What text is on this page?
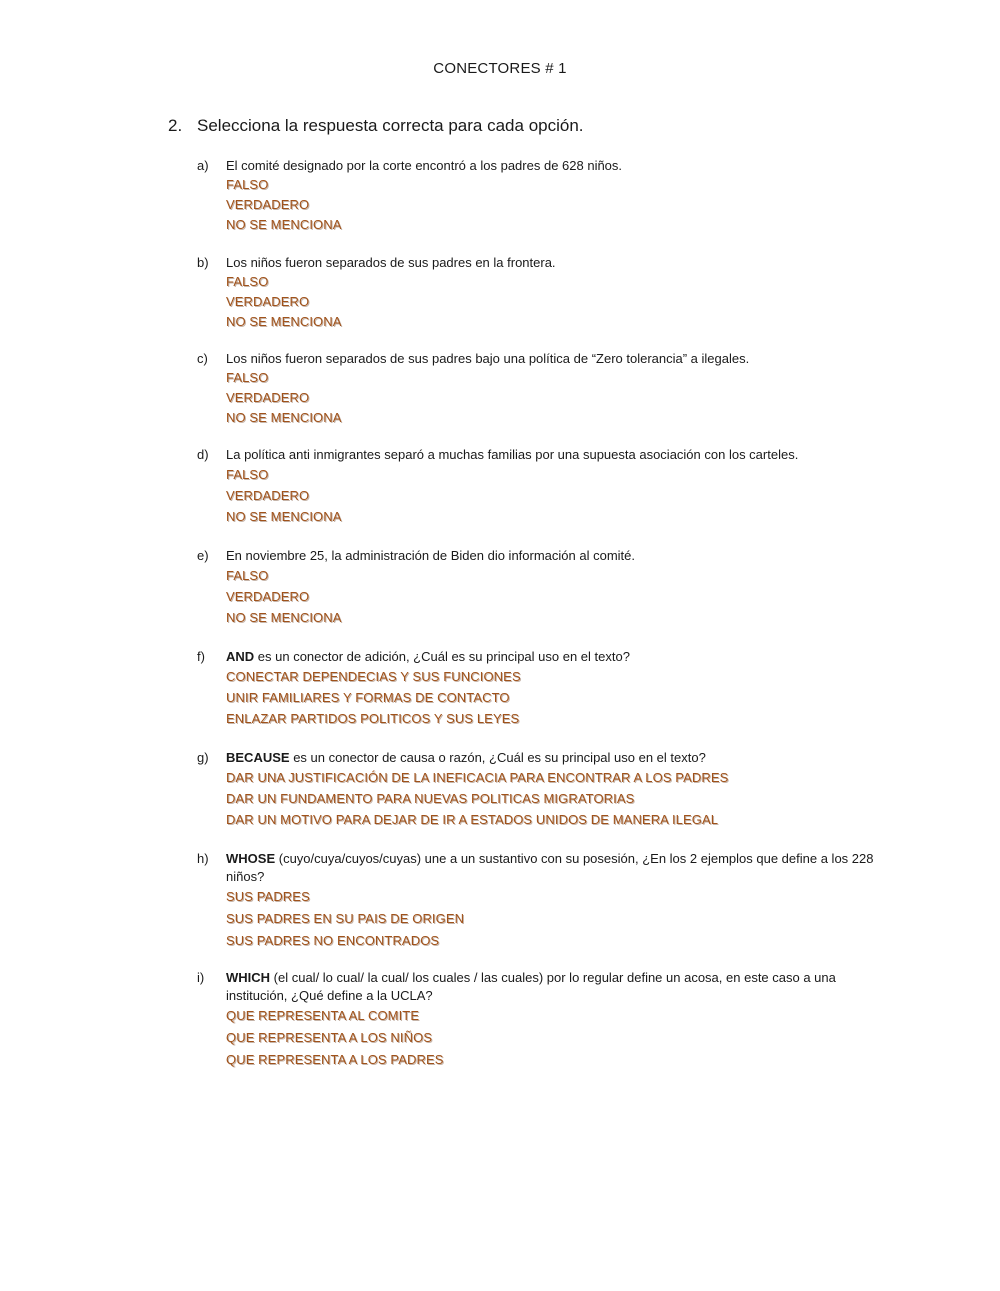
CONECTORES # 1
2. Selecciona la respuesta correcta para cada opción.
a)	El comité designado por la corte encontró a los padres de 628 niños.
FALSO
VERDADERO
NO SE MENCIONA
b)	Los niños fueron separados de sus padres en la frontera.
FALSO
VERDADERO
NO SE MENCIONA
c)	Los niños fueron separados de sus padres bajo una política de “Zero tolerancia” a ilegales.
FALSO
VERDADERO
NO SE MENCIONA
d)	La política anti inmigrantes separó a muchas familias por una supuesta asociación con los carteles.
FALSO
VERDADERO
NO SE MENCIONA
e)	En noviembre 25, la administración de Biden dio información al comité.
FALSO
VERDADERO
NO SE MENCIONA
f)	AND es un conector de adición, ¿Cuál es su principal uso en el texto?
CONECTAR DEPENDECIAS Y SUS FUNCIONES
UNIR FAMILIARES Y FORMAS DE CONTACTO
ENLAZAR PARTIDOS POLITICOS Y SUS LEYES
g)	BECAUSE es un conector de causa o razón, ¿Cuál es su principal uso en el texto?
DAR UNA JUSTIFICACIÓN DE LA INEFICACIA PARA ENCONTRAR A LOS PADRES
DAR UN FUNDAMENTO PARA NUEVAS POLITICAS MIGRATORIAS
DAR UN MOTIVO PARA DEJAR DE IR A ESTADOS UNIDOS DE MANERA ILEGAL
h)	WHOSE (cuyo/cuya/cuyos/cuyas) une a un sustantivo con su posesión, ¿En los 2 ejemplos que define a los 228 niños?
SUS PADRES
SUS PADRES EN SU PAIS DE ORIGEN
SUS PADRES NO ENCONTRADOS
i)	WHICH (el cual/ lo cual/ la cual/ los cuales / las cuales) por lo regular define un acosa, en este caso a una institución, ¿Qué define a la UCLA?
QUE REPRESENTA AL COMITE
QUE REPRESENTA A LOS NIÑOS
QUE REPRESENTA A LOS PADRES
